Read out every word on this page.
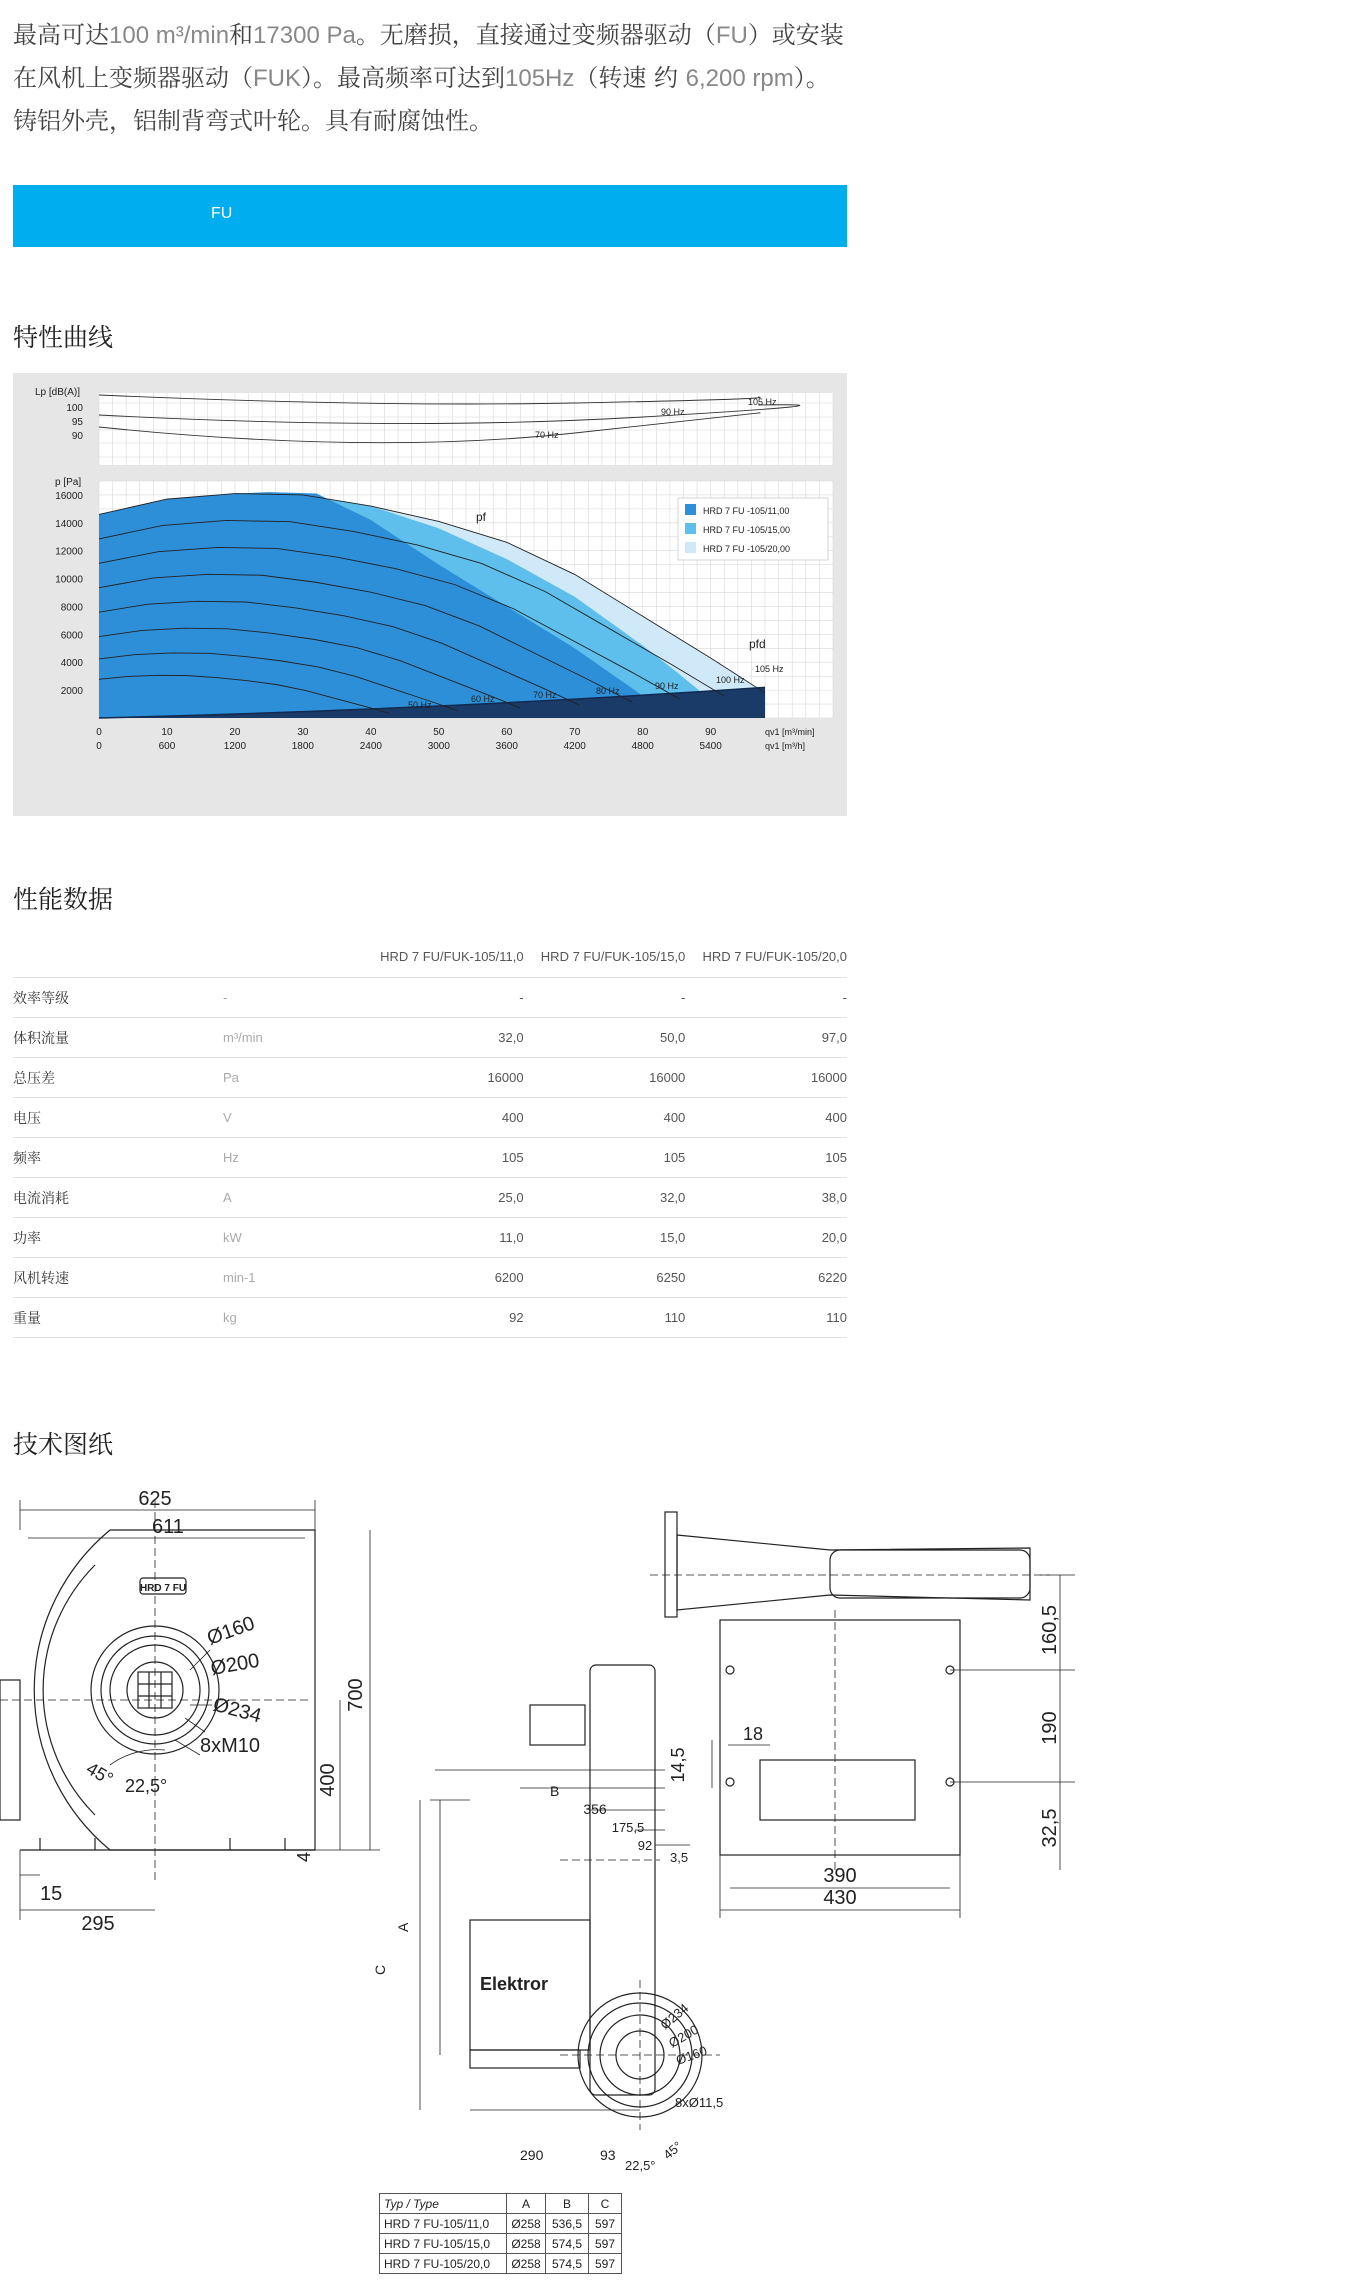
最高可达100 m³/min和17300 Pa。无磨损，直接通过变频器驱动（FU）或安装
在风机上变频器驱动（FUK）。最高频率可达到105Hz（转速 约 6,200 rpm）。
铸铝外壳，铝制背弯式叶轮。具有耐腐蚀性。
FU
特性曲线
Lp [dB(A)]
100
95
90
p [Pa]
16000
14000
12000
10000
8000
6000
4000
2000
0
0
10
600
20
1200
30
1800
40
2400
50
3000
60
3600
70
4200
80
4800
90
5400
qv1 [m³/min]
qv1 [m³/h]
105 Hz
90 Hz
70 Hz
50 Hz
60 Hz	70 Hz	80 Hz	90 Hz
100 Hz
105 Hz
pf
pfd
HRD 7 FU -105/11,00
HRD 7 FU -105/15,00
HRD 7 FU -105/20,00
性能数据
		HRD 7 FU/FUK-105/11,0	HRD 7 FU/FUK-105/15,0	HRD 7 FU/FUK-105/20,0
效率等级	-	-	-	-
体积流量	m³/min	32,0	50,0	97,0
总压差	Pa	16000	16000	16000
电压	V	400	400	400
频率	Hz	105	105	105
电流消耗	A	25,0	32,0	38,0
功率	kW	11,0	15,0	20,0
风机转速	min-1	6200	6250	6220
重量	kg	92	110	110
技术图纸
625
611
HRD 7 FU
Ø160
Ø200
Ø234
8xM10
45° 22,5°
700
400
4
15
295
B
356
175,5
92
3,5
A
C
Elektror
Ø234
Ø200
Ø160
8xØ11,5
290	93
22,5°
45°
160,5
190
32,5
14,5
18
390
430
Typ / Type	A	B	C
HRD 7 FU-105/11,0	Ø258	536,5	597
HRD 7 FU-105/15,0	Ø258	574,5	597
HRD 7 FU-105/20,0	Ø258	574,5	597
